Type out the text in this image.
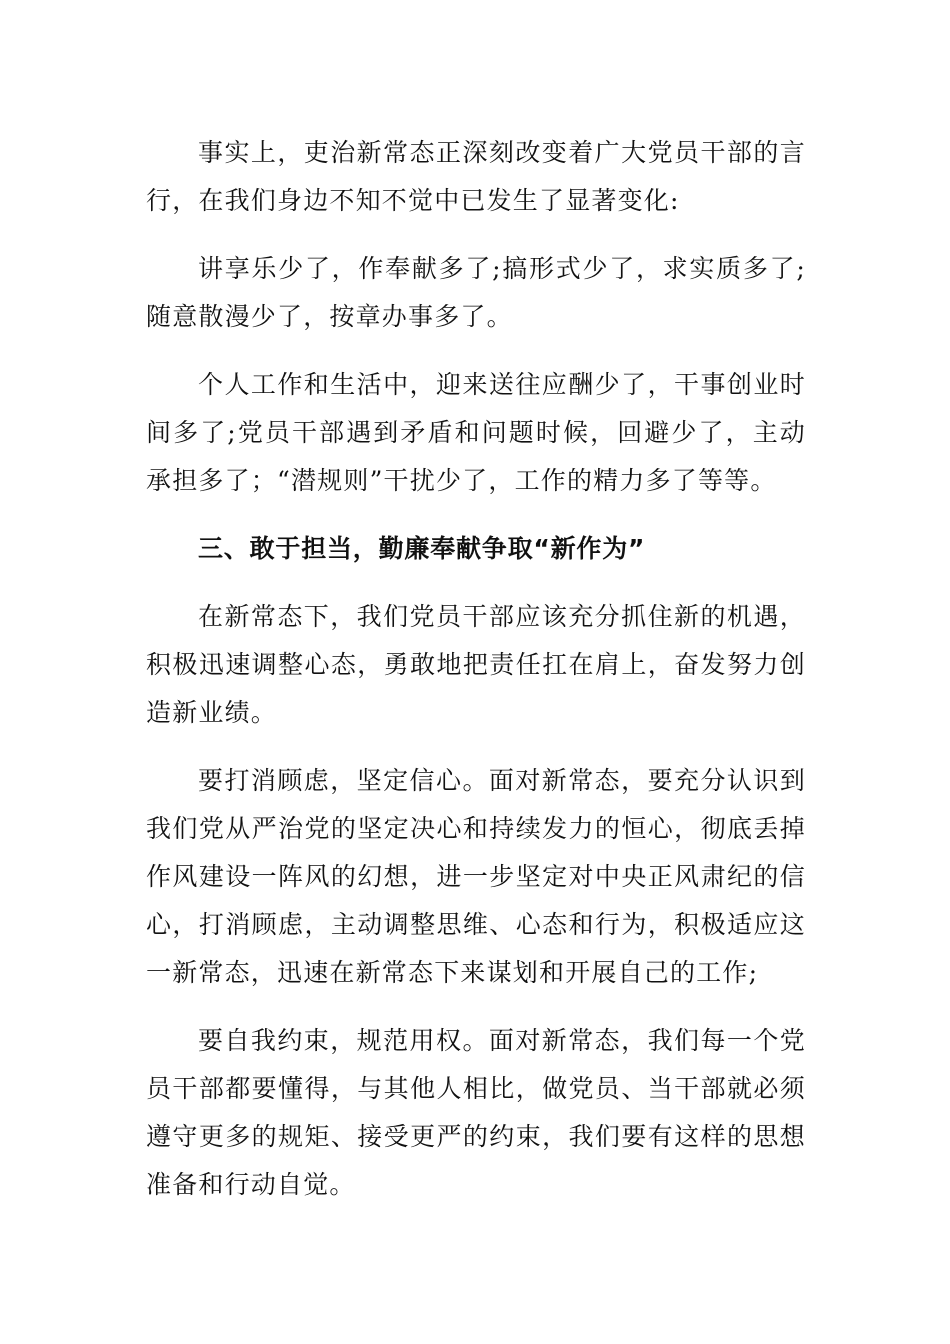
事实上，吏治新常态正深刻改变着广大党员干部的言行，在我们身边不知不觉中已发生了显著变化:

讲享乐少了，作奉献多了;搞形式少了，求实质多了;随意散漫少了，按章办事多了。

个人工作和生活中，迎来送往应酬少了，干事创业时间多了;党员干部遇到矛盾和问题时候，回避少了，主动承担多了；“潜规则”干扰少了，工作的精力多了等等。

三、敢于担当，勤廉奉献争取“新作为”

在新常态下，我们党员干部应该充分抓住新的机遇，积极迅速调整心态，勇敢地把责任扛在肩上，奋发努力创造新业绩。

要打消顾虑，坚定信心。面对新常态，要充分认识到我们党从严治党的坚定决心和持续发力的恒心，彻底丢掉作风建设一阵风的幻想，进一步坚定对中央正风肃纪的信心，打消顾虑，主动调整思维、心态和行为，积极适应这一新常态，迅速在新常态下来谋划和开展自己的工作;

要自我约束，规范用权。面对新常态，我们每一个党员干部都要懂得，与其他人相比，做党员、当干部就必须遵守更多的规矩、接受更严的约束，我们要有这样的思想准备和行动自觉。
